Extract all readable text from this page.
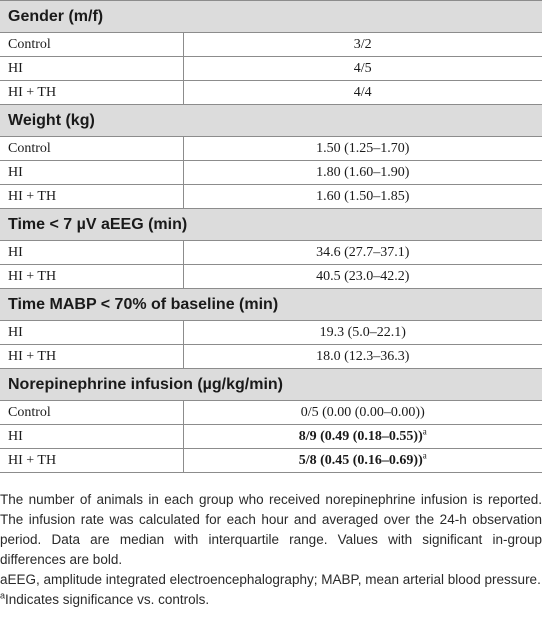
Gender (m/f)	
Control	3/2
HI	4/5
HI + TH	4/4
Weight (kg)	
Control	1.50 (1.25–1.70)
HI	1.80 (1.60–1.90)
HI + TH	1.60 (1.50–1.85)
Time < 7 µV aEEG (min)	
HI	34.6 (27.7–37.1)
HI + TH	40.5 (23.0–42.2)
Time MABP < 70% of baseline (min)	
HI	19.3 (5.0–22.1)
HI + TH	18.0 (12.3–36.3)
Norepinephrine infusion (µg/kg/min)	
Control	0/5 (0.00 (0.00–0.00))
HI	8/9 (0.49 (0.18–0.55))$^a$
HI + TH	5/8 (0.45 (0.16–0.69))$^a$

The number of animals in each group who received norepinephrine infusion is reported. The infusion rate was calculated for each hour and averaged over the 24-h observation period. Data are median with interquartile range. Values with significant in-group differences are bold.

aEEG, amplitude integrated electroencephalography; MABP, mean arterial blood pressure.

$^a$Indicates significance vs. controls.
